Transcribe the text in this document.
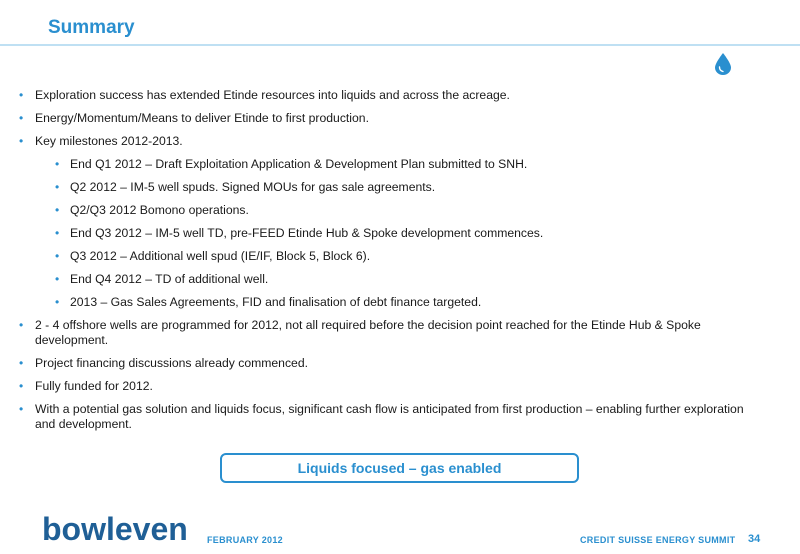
Summary
• Exploration success has extended Etinde resources into liquids and across the acreage.
• Energy/Momentum/Means to deliver Etinde to first production.
• Key milestones 2012-2013.
• End Q1 2012 – Draft Exploitation Application & Development Plan submitted to SNH.
• Q2 2012 – IM-5 well spuds. Signed MOUs for gas sale agreements.
• Q2/Q3 2012 Bomono operations.
• End Q3 2012 – IM-5 well TD, pre-FEED Etinde Hub & Spoke development commences.
• Q3 2012 – Additional well spud (IE/IF, Block 5, Block 6).
• End Q4 2012 – TD of additional well.
• 2013 – Gas Sales Agreements, FID and finalisation of debt finance targeted.
• 2 - 4 offshore wells are programmed for 2012, not all required before the decision point reached for the Etinde Hub & Spoke development.
• Project financing discussions already commenced.
• Fully funded for 2012.
• With a potential gas solution and liquids focus, significant cash flow is anticipated from first production – enabling further exploration and development.
Liquids focused – gas enabled
bowleven FEBRUARY 2012	CREDIT SUISSE ENERGY SUMMIT 34
